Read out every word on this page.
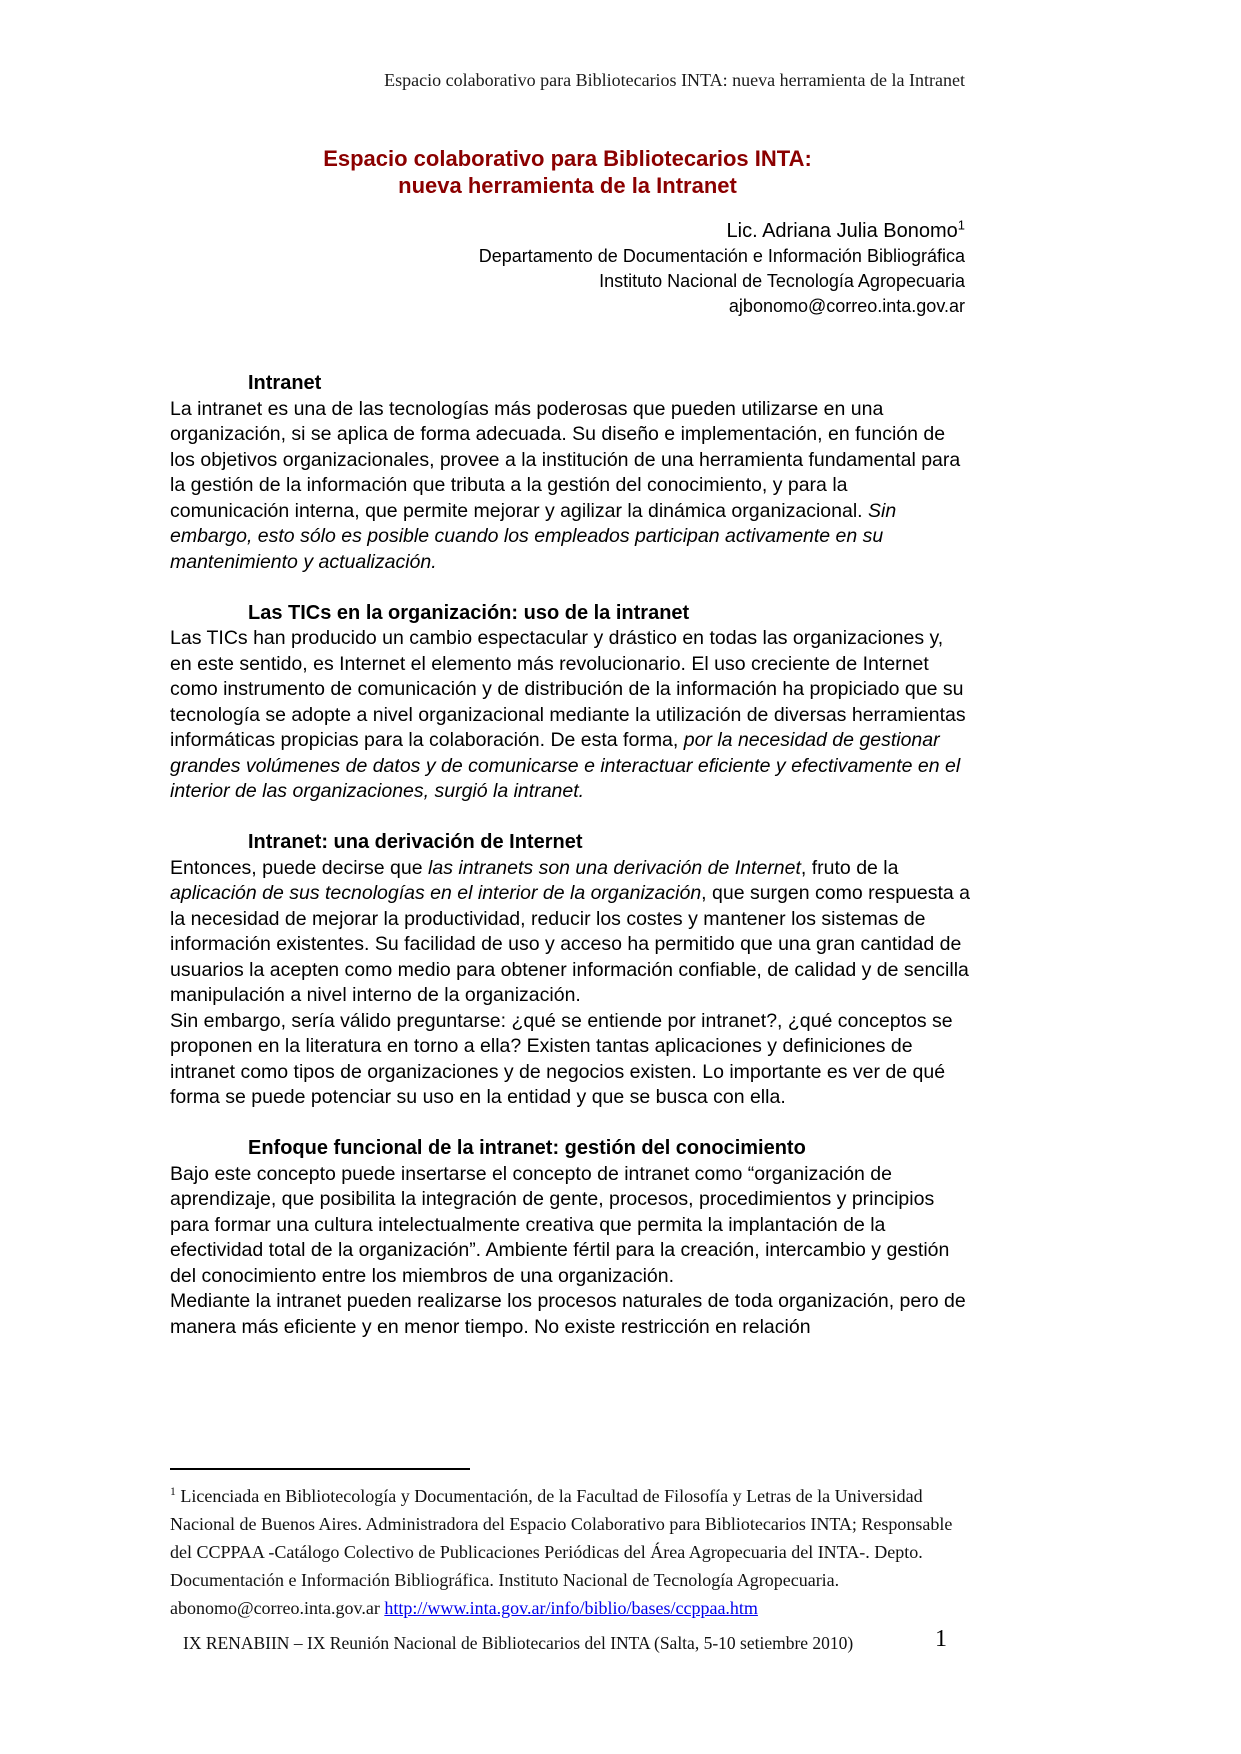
Espacio colaborativo para Bibliotecarios INTA: nueva herramienta de la Intranet
Espacio colaborativo para Bibliotecarios INTA:
nueva herramienta de la Intranet
Lic. Adriana Julia Bonomo$^1$
Departamento de Documentación e Información Bibliográfica
Instituto Nacional de Tecnología Agropecuaria
ajbonomo@correo.inta.gov.ar
Intranet

La intranet es una de las tecnologías más poderosas que pueden utilizarse en una organización, si se aplica de forma adecuada. Su diseño e implementación, en función de los objetivos organizacionales, provee a la institución de una herramienta fundamental para la gestión de la información que tributa a la gestión del conocimiento, y para la comunicación interna, que permite mejorar y agilizar la dinámica organizacional. Sin embargo, esto sólo es posible cuando los empleados participan activamente en su mantenimiento y actualización.

Las TICs en la organización: uso de la intranet

Las TICs han producido un cambio espectacular y drástico en todas las organizaciones y, en este sentido, es Internet el elemento más revolucionario. El uso creciente de Internet como instrumento de comunicación y de distribución de la información ha propiciado que su tecnología se adopte a nivel organizacional mediante la utilización de diversas herramientas informáticas propicias para la colaboración. De esta forma, por la necesidad de gestionar grandes volúmenes de datos y de comunicarse e interactuar eficiente y efectivamente en el interior de las organizaciones, surgió la intranet.

Intranet: una derivación de Internet

Entonces, puede decirse que las intranets son una derivación de Internet, fruto de la aplicación de sus tecnologías en el interior de la organización, que surgen como respuesta a la necesidad de mejorar la productividad, reducir los costes y mantener los sistemas de información existentes. Su facilidad de uso y acceso ha permitido que una gran cantidad de usuarios la acepten como medio para obtener información confiable, de calidad y de sencilla manipulación a nivel interno de la organización.

Sin embargo, sería válido preguntarse: ¿qué se entiende por intranet?, ¿qué conceptos se proponen en la literatura en torno a ella? Existen tantas aplicaciones y definiciones de intranet como tipos de organizaciones y de negocios existen. Lo importante es ver de qué forma se puede potenciar su uso en la entidad y que se busca con ella.

Enfoque funcional de la intranet: gestión del conocimiento

Bajo este concepto puede insertarse el concepto de intranet como “organización de aprendizaje, que posibilita la integración de gente, procesos, procedimientos y principios para formar una cultura intelectualmente creativa que permita la implantación de la efectividad total de la organización”. Ambiente fértil para la creación, intercambio y gestión del conocimiento entre los miembros de una organización.

Mediante la intranet pueden realizarse los procesos naturales de toda organización, pero de manera más eficiente y en menor tiempo. No existe restricción en relación

$^1$ Licenciada en Bibliotecología y Documentación, de la Facultad de Filosofía y Letras de la Universidad Nacional de Buenos Aires. Administradora del Espacio Colaborativo para Bibliotecarios INTA; Responsable del CCPPAA -Catálogo Colectivo de Publicaciones Periódicas del Área Agropecuaria del INTA-. Depto. Documentación e Información Bibliográfica. Instituto Nacional de Tecnología Agropecuaria. abonomo@correo.inta.gov.ar http://www.inta.gov.ar/info/biblio/bases/ccppaa.htm
IX RENABIIN – IX Reunión Nacional de Bibliotecarios del INTA (Salta, 5-10 setiembre 2010)	1
